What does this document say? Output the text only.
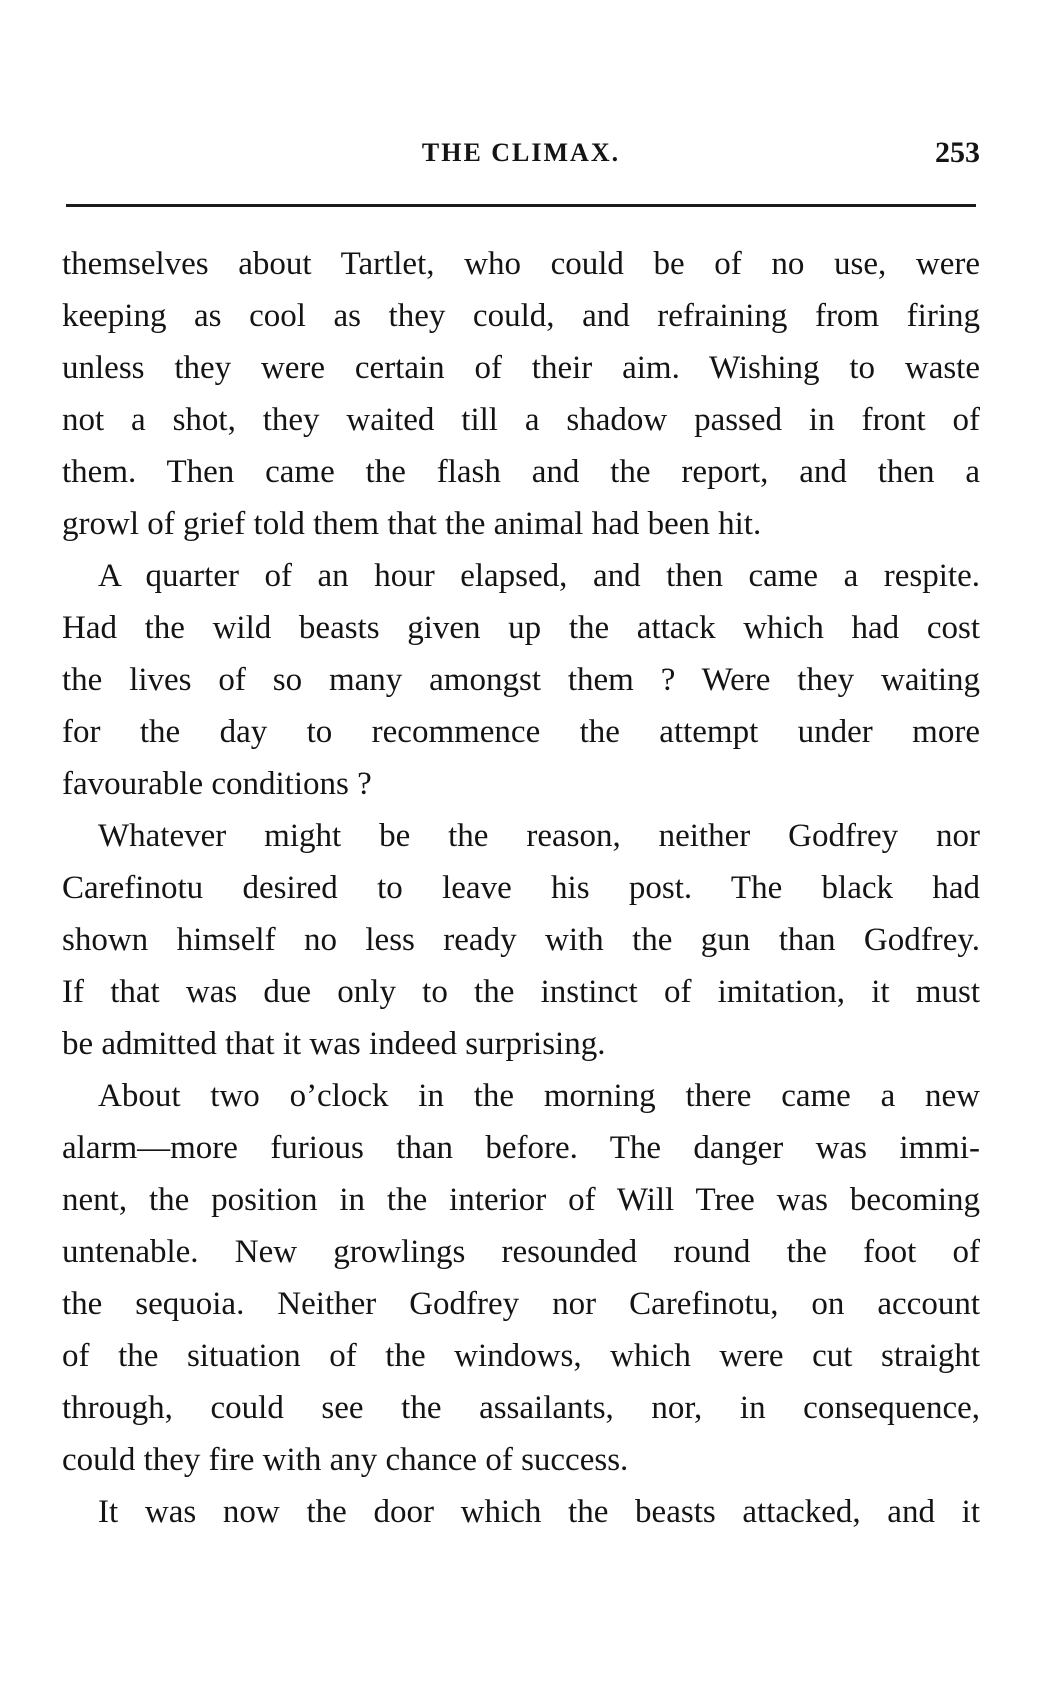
THE CLIMAX.	253
themselves about Tartlet, who could be of no use, were
keeping as cool as they could, and refraining from firing
unless they were certain of their aim. Wishing to waste
not a shot, they waited till a shadow passed in front of
them. Then came the flash and the report, and then a
growl of grief told them that the animal had been hit.
A quarter of an hour elapsed, and then came a respite.
Had the wild beasts given up the attack which had cost
the lives of so many amongst them ? Were they waiting
for the day to recommence the attempt under more
favourable conditions ?
Whatever might be the reason, neither Godfrey nor
Carefinotu desired to leave his post. The black had
shown himself no less ready with the gun than Godfrey.
If that was due only to the instinct of imitation, it must
be admitted that it was indeed surprising.
About two o’clock in the morning there came a new
alarm—more furious than before. The danger was immi-
nent, the position in the interior of Will Tree was becoming
untenable. New growlings resounded round the foot of
the sequoia. Neither Godfrey nor Carefinotu, on account
of the situation of the windows, which were cut straight
through, could see the assailants, nor, in consequence,
could they fire with any chance of success.
It was now the door which the beasts attacked, and it
